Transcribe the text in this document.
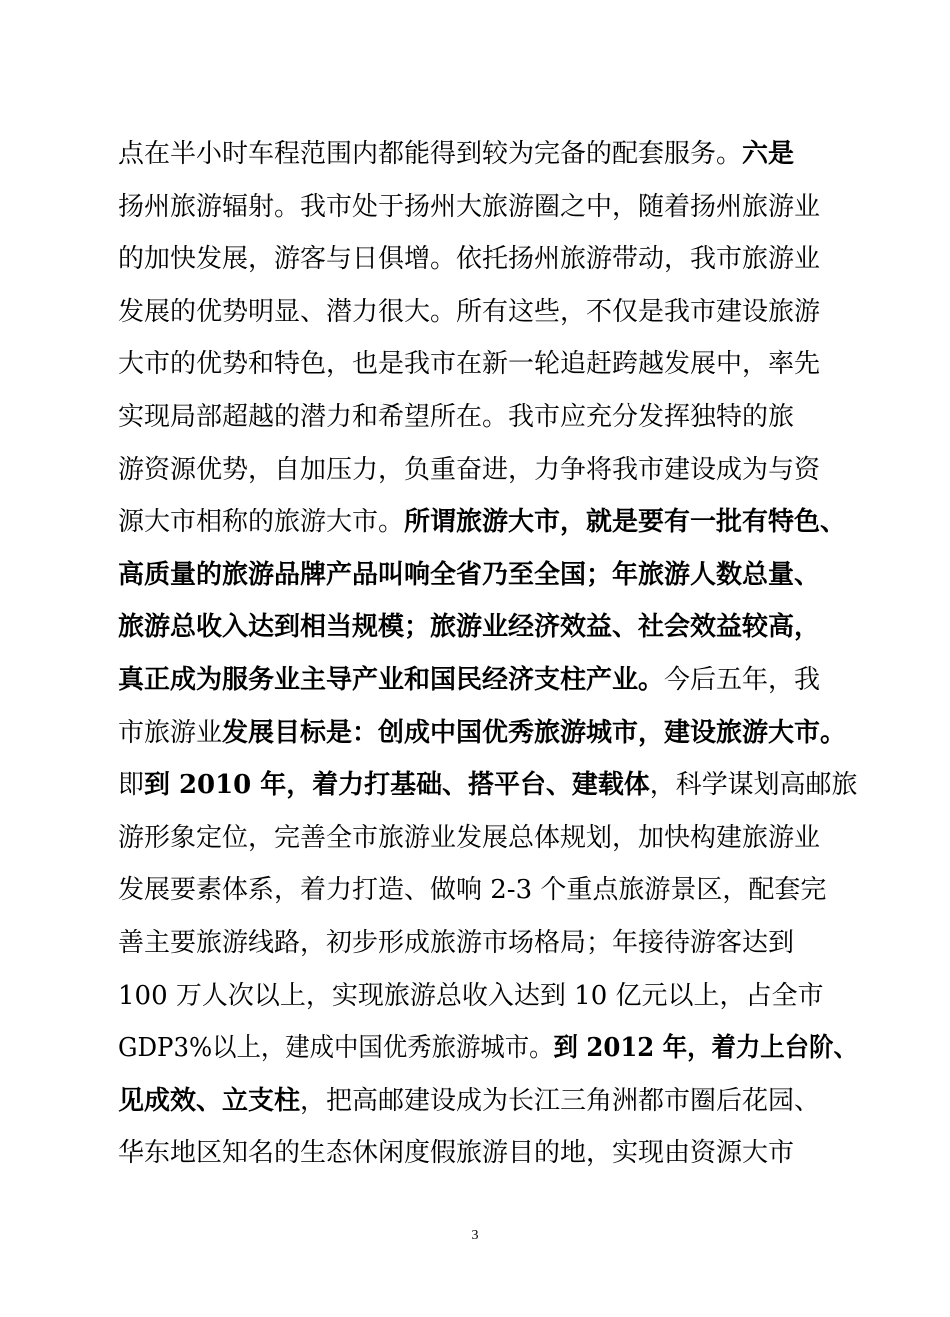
点在半小时车程范围内都能得到较为完备的配套服务。六是
扬州旅游辐射。我市处于扬州大旅游圈之中，随着扬州旅游业
的加快发展，游客与日俱增。依托扬州旅游带动，我市旅游业
发展的优势明显、潜力很大。所有这些，不仅是我市建设旅游
大市的优势和特色，也是我市在新一轮追赶跨越发展中，率先
实现局部超越的潜力和希望所在。我市应充分发挥独特的旅
游资源优势，自加压力，负重奋进，力争将我市建设成为与资
源大市相称的旅游大市。所谓旅游大市，就是要有一批有特色、
高质量的旅游品牌产品叫响全省乃至全国；年旅游人数总量、
旅游总收入达到相当规模；旅游业经济效益、社会效益较高，
真正成为服务业主导产业和国民经济支柱产业。今后五年，我
市旅游业发展目标是：创成中国优秀旅游城市，建设旅游大市。
即到 2010 年，着力打基础、搭平台、建载体，科学谋划高邮旅
游形象定位，完善全市旅游业发展总体规划，加快构建旅游业
发展要素体系，着力打造、做响 2-3 个重点旅游景区，配套完
善主要旅游线路，初步形成旅游市场格局；年接待游客达到
100 万人次以上，实现旅游总收入达到 10 亿元以上，占全市
GDP3%以上，建成中国优秀旅游城市。到 2012 年，着力上台阶、
见成效、立支柱，把高邮建设成为长江三角洲都市圈后花园、
华东地区知名的生态休闲度假旅游目的地，实现由资源大市
3
